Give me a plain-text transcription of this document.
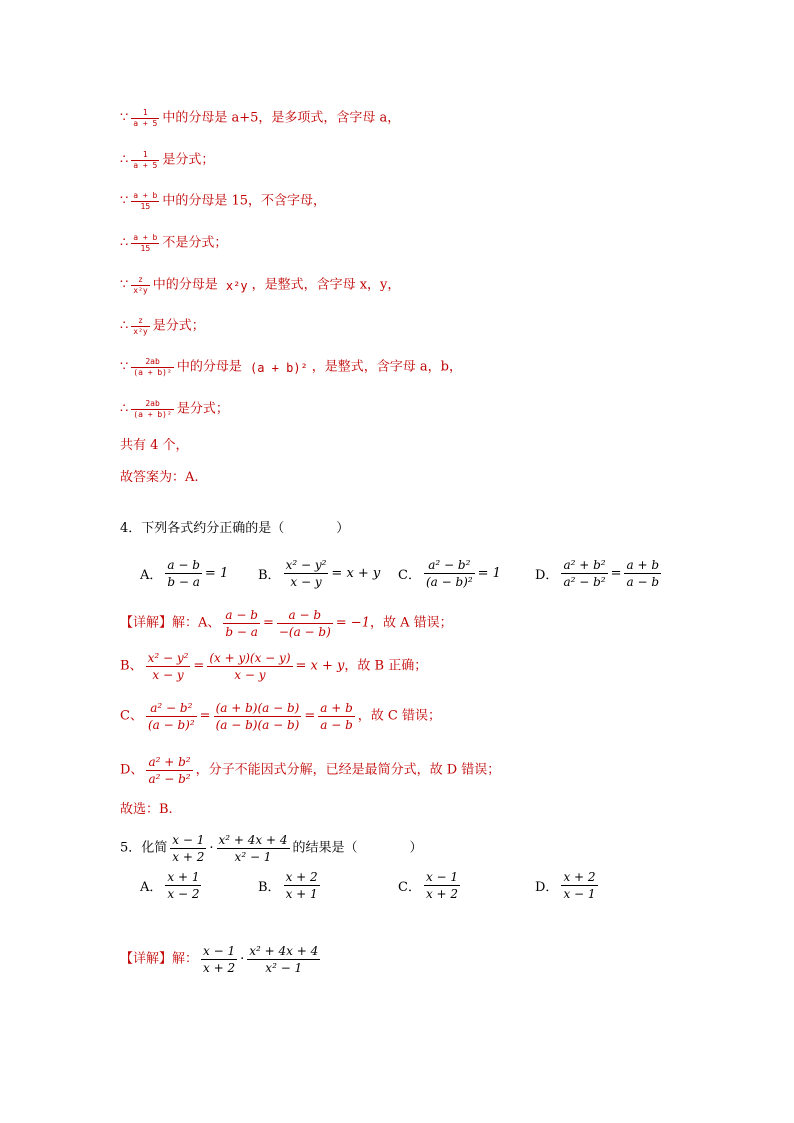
∵ $\frac{1}{a + 5}$ 中的分母是 a+5，是多项式，含字母 a，
∴ $\frac{1}{a + 5}$ 是分式；
∵ $\frac{a + b}{15}$ 中的分母是 15，不含字母，
∴ $\frac{a + b}{15}$ 不是分式；
∵ $\frac{z}{\text{x²y}}$ 中的分母是 x²y ，是整式，含字母 x，y，
∴ $\frac{z}{\text{x²y}}$ 是分式；
∵ $\frac{2ab}{\text{(a + b)²}}$ 中的分母是 (a + b)² ，是整式，含字母 a，b，
∴ $\frac{2ab}{\text{(a + b)²}}$ 是分式；
共有 4 个，
故答案为：A.
4．下列各式约分正确的是（　　　　）
A． $\frac{a - b}{b - a} = 1$ B． $\frac{\text{x² − y²}}{x - y} = x + y$ C． $\frac{\text{a² − b²}}{\text{(a − b)²}} = 1$	D． $\frac{\text{a² + b²}}{\text{a² − b²}} = \frac{a + b}{a - b}$
【详解】解：A、 $\frac{a - b}{b - a} = \frac{a - b}{-(a - b)} = -1$，故 A 错误；
B、 $\frac{\text{x² − y²}}{x - y} = \frac{(x + y)(x - y)}{x - y} = x + y$，故 B 正确；
C、 $\frac{\text{a² − b²}}{\text{(a − b)²}} = \frac{(a + b)(a - b)}{(a - b)(a - b)} = \frac{a + b}{a - b}$ ，故 C 错误；
D、 $\frac{\text{a² + b²}}{\text{a² − b²}}$ ，分子不能因式分解，已经是最简分式，故 D 错误；
故选：B.
5．化简 $\frac{x - 1}{x + 2} \cdot \frac{\text{x² + 4x + 4}}{\text{x² − 1}}$ 的结果是（　　　　）
A． $\frac{x + 1}{x - 2}$	B． $\frac{x + 2}{x + 1}$	C． $\frac{x - 1}{x + 2}$	D． $\frac{x + 2}{x - 1}$
【详解】解： $\frac{x - 1}{x + 2} \cdot \frac{\text{x² + 4x + 4}}{\text{x² − 1}}$
